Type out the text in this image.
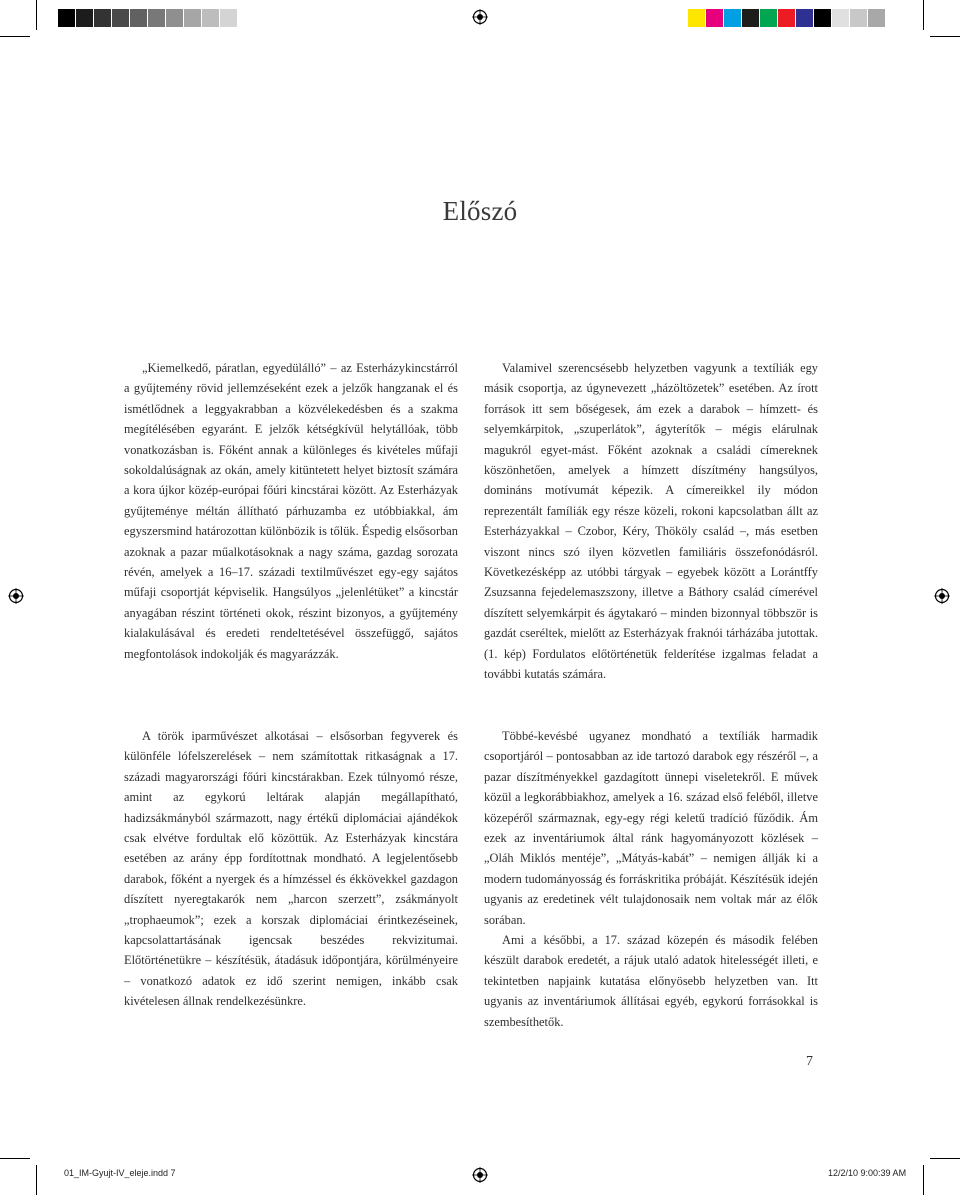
Előszó

„Kiemelkedő, páratlan, egyedülálló” – az Esterházykincstárról a gyűjtemény rövid jellemzéseként ezek a jelzők hangzanak el és ismétlődnek a leggyakrabban a közvélekedésben és a szakma megítélésében egyaránt. E jelzők kétségkívül helytállóak, több vonatkozásban is. Főként annak a különleges és kivételes műfaji sokoldalúságnak az okán, amely kitüntetett helyet biztosít számára a kora újkor közép-európai főúri kincstárai között. Az Esterházyak gyűjteménye méltán állítható párhuzamba ez utóbbiakkal, ám egyszersmind határozottan különbözik is tőlük. Éspedig elsősorban azoknak a pazar műalkotásoknak a nagy száma, gazdag sorozata révén, amelyek a 16–17. századi textilművészet egy-egy sajátos műfaji csoportját képviselik. Hangsúlyos „jelenlétüket” a kincstár anyagában részint történeti okok, részint bizonyos, a gyűjtemény kialakulásával és eredeti rendeltetésével összefüggő, sajátos megfontolások indokolják és magyarázzák.

Valamivel szerencsésebb helyzetben vagyunk a textíliák egy másik csoportja, az úgynevezett „házöltözetek” esetében. Az írott források itt sem bőségesek, ám ezek a darabok – hímzett- és selyemkárpitok, „szuperlátok”, ágyterítők – mégis elárulnak magukról egyet-mást. Főként azoknak a családi címereknek köszönhetően, amelyek a hímzett díszítmény hangsúlyos, domináns motívumát képezik. A címereikkel ily módon reprezentált famíliák egy része közeli, rokoni kapcsolatban állt az Esterházyakkal – Czobor, Kéry, Thököly család –, más esetben viszont nincs szó ilyen közvetlen familiáris összefonódásról. Következésképp az utóbbi tárgyak – egyebek között a Lorántffy Zsuzsanna fejedelemaszszony, illetve a Báthory család címerével díszített selyemkárpit és ágytakaró – minden bizonnyal többször is gazdát cseréltek, mielőtt az Esterházyak fraknói tárházába jutottak. (1. kép) Fordulatos előtörténetük felderítése izgalmas feladat a további kutatás számára.

A török iparművészet alkotásai – elsősorban fegyverek és különféle lófelszerelések – nem számítottak ritkaságnak a 17. századi magyarországi főúri kincstárakban. Ezek túlnyomó része, amint az egykorú leltárak alapján megállapítható, hadizsákmányból származott, nagy értékű diplomáciai ajándékok csak elvétve fordultak elő közöttük. Az Esterházyak kincstára esetében az arány épp fordítottnak mondható. A legjelentősebb darabok, főként a nyergek és a hímzéssel és ékkövekkel gazdagon díszített nyeregtakarók nem „harcon szerzett”, zsákmányolt „trophaeumok”; ezek a korszak diplomáciai érintkezéseinek, kapcsolattartásának igencsak beszédes rekvizitumai. Előtörténetükre – készítésük, átadásuk időpontjára, körülményeire – vonatkozó adatok ez idő szerint nemigen, inkább csak kivételesen állnak rendelkezésünkre.

Többé-kevésbé ugyanez mondható a textíliák harmadik csoportjáról – pontosabban az ide tartozó darabok egy részéről –, a pazar díszítményekkel gazdagított ünnepi viseletekről. E művek közül a legkorábbiakhoz, amelyek a 16. század első feléből, illetve közepéről származnak, egy-egy régi keletű tradíció fűződik. Ám ezek az inventáriumok által ránk hagyományozott közlések – „Oláh Miklós mentéje”, „Mátyás-kabát” – nemigen állják ki a modern tudományosság és forráskritika próbáját. Készítésük idején ugyanis az eredetinek vélt tulajdonosaik nem voltak már az élők sorában.

Ami a későbbi, a 17. század közepén és második felében készült darabok eredetét, a rájuk utaló adatok hitelességét illeti, e tekintetben napjaink kutatása előnyösebb helyzetben van. Itt ugyanis az inventáriumok állításai egyéb, egykorú forrásokkal is szembesíthetők.

7
01_IM-Gyujt-IV_eleje.indd 7	12/2/10 9:00:39 AM
